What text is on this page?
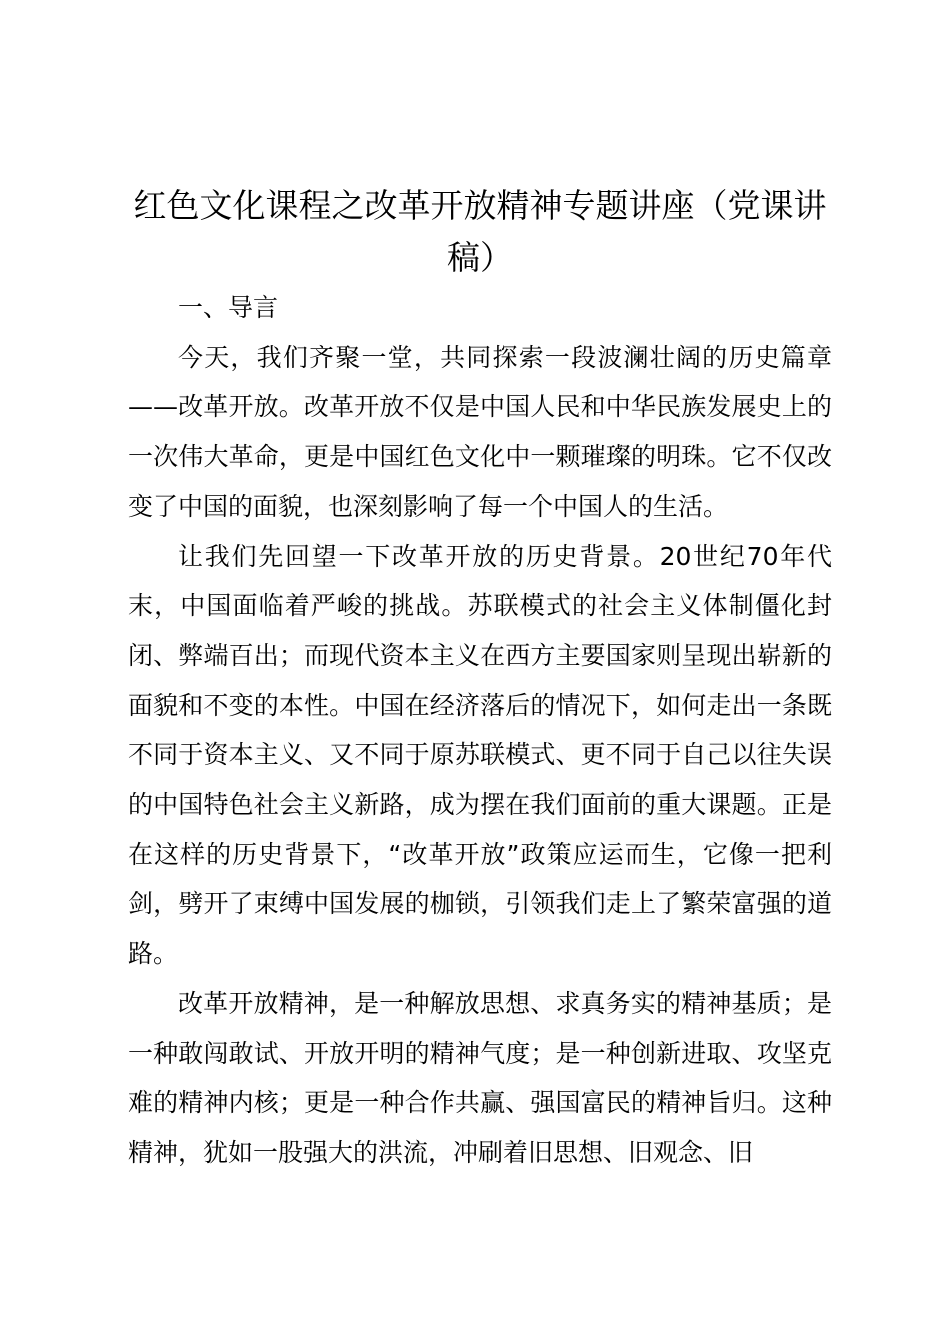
红色文化课程之改革开放精神专题讲座（党课讲稿）

一、导言

今天，我们齐聚一堂，共同探索一段波澜壮阔的历史篇章——改革开放。改革开放不仅是中国人民和中华民族发展史上的一次伟大革命，更是中国红色文化中一颗璀璨的明珠。它不仅改变了中国的面貌，也深刻影响了每一个中国人的生活。

让我们先回望一下改革开放的历史背景。20世纪70年代末，中国面临着严峻的挑战。苏联模式的社会主义体制僵化封闭、弊端百出；而现代资本主义在西方主要国家则呈现出崭新的面貌和不变的本性。中国在经济落后的情况下，如何走出一条既不同于资本主义、又不同于原苏联模式、更不同于自己以往失误的中国特色社会主义新路，成为摆在我们面前的重大课题。正是在这样的历史背景下，“改革开放”政策应运而生，它像一把利剑，劈开了束缚中国发展的枷锁，引领我们走上了繁荣富强的道路。

改革开放精神，是一种解放思想、求真务实的精神基质；是一种敢闯敢试、开放开明的精神气度；是一种创新进取、攻坚克难的精神内核；更是一种合作共赢、强国富民的精神旨归。这种精神，犹如一股强大的洪流，冲刷着旧思想、旧观念、旧
